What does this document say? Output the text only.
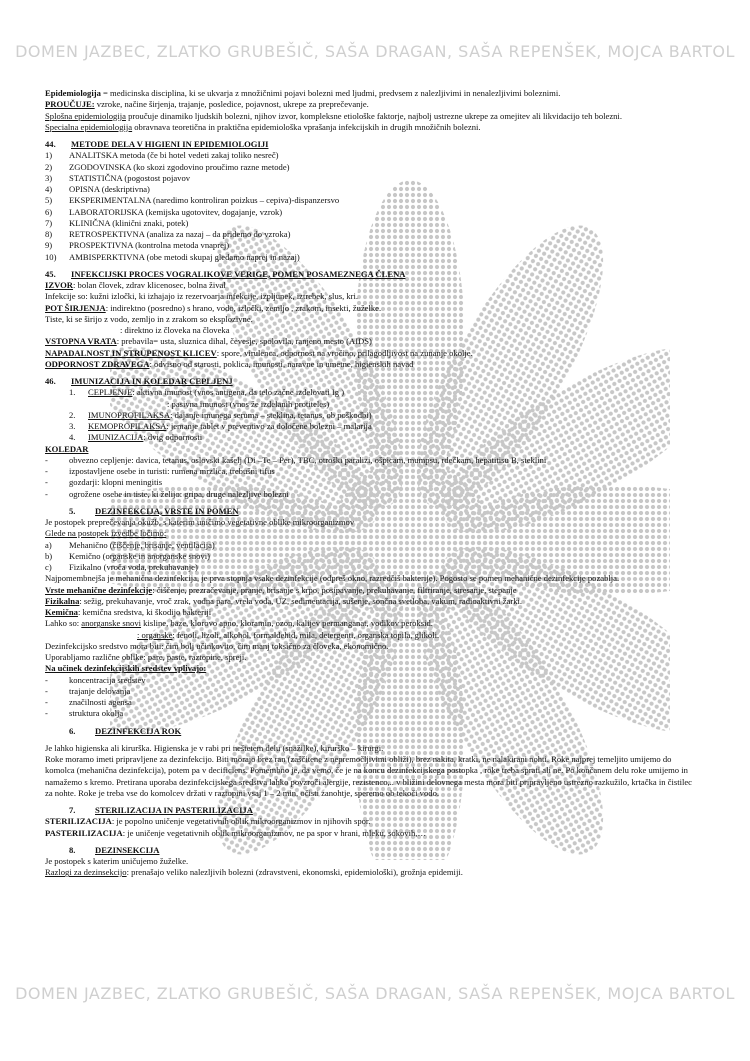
DOMEN JAZBEC, ZLATKO GRUBEŠIČ, SAŠA DRAGAN, SAŠA REPENŠEK, MOJCA BARTOL

Epidemiologija = medicinska disciplina, ki se ukvarja z množičnimi pojavi bolezni med ljudmi, predvsem z nalezljivimi in nenalezljivimi boleznimi.

PROUČUJE: vzroke, načine širjenja, trajanje, posledice, pojavnost, ukrepe za preprečevanje.

Splošna epidemiologija proučuje dinamiko ljudskih bolezni, njihov izvor, kompleksne etiološke faktorje, najbolj ustrezne ukrepe za omejitev ali likvidacijo teh bolezni.

Specialna epidemiologija obravnava teoretična in praktična epidemiološka vprašanja infekcijskih in drugih množičnih bolezni.

44. METODE DELA V HIGIENI IN EPIDEMIOLOGIJI

1)	ANALITSKA metoda (če bi hotel vedeti zakaj toliko nesreč)
2)	ZGODOVINSKA (ko skozi zgodovino proučimo razne metode)
3)	STATISTIČNA (pogostost pojavov
4)	OPISNA (deskriptivna)
5)	EKSPERIMENTALNA (naredimo kontroliran poizkus – cepiva)-dispanzersvo
6)	LABORATORIJSKA (kemijska ugotovitev, dogajanje, vzrok)
7)	KLINIČNA (klinični znaki, potek)
8)	RETROSPEKTIVNA (analiza za nazaj – da pridemo do vzroka)
9)	PROSPEKTIVNA (kontrolna metoda vnaprej)
10)	AMBISPERKTIVNA (obe metodi skupaj gledamo naprej in nazaj)

45. INFEKCIJSKI PROCES VOGRALIKOVE VERIGE, POMEN POSAMEZNEGA ČLENA

IZVOR: bolan človek, zdrav klicenosec, bolna žival

Infekcije so: kužni izločki, ki izhajajo iz rezervoarja infekcije, izpljunek, iztrebek, slus, kri.

POT ŠIRJENJA: indirektno (posredno) s hrano, vodo, izločki, zemljo , zrakom, insekti, žuželke.

Tiste, ki se širijo z vodo, zemljo in z zrakom so eksplozivne.

: direktno iz človeka na človeka

VSTOPNA VRATA: prebavila= usta, sluznica dihal, čevesje, spolovila, ranjeno mesto (AIDS)

NAPADALNOST IN STRUPENOST KLICEV: spore, virulenca, odpornost na vročino, prilagodljivost na zunanje okolje.

ODPORNOST ZDRAVEGA: odvisno od starosti, poklica, imunosti, naravne in umetne, higienskih navad

46. IMUNIZACIJA IN KOLEDAR CEPLJENJ

1.	CEPLJENJE: aktivna imunost (vnos antigena, da telo začne izdelovati Ig )

: pasivna imunost (vnos že izdelanih protiteles)

2.	IMUNOPROFILAKSA: dajanje imunega seruma – steklina, tetanus, ob poškodbi)
3.	KEMOPROFILAKSA: jemanje tablet v preventivo za določene bolezni – malarija
4.	IMUNIZACIJA: dvig odpornosti

KOLEDAR

-	obvezno cepljenje: davica, tetanus, oslovski kašelj (Di –Te – Per), TBC, otroški paralizi, ošpicam, mumpsu, rdečkam, hepatitisu B, steklini
-	izpostavljene osebe in turisti: rumena mrzlica, trebušni tifus
-	gozdarji: klopni meningitis
-	ogrožene osebe in tiste, ki želijo: gripa, druge nalezljive bolezni

5. DEZINFEKCIJA, VRSTE IN POMEN

Je postopek preprečevanja okužb, s katerim uničimo vegetativne oblike mikroorganizmov

Glede na postopek izvedbe ločimo:

a)	Mehanično (čiščenje, brisanje, ventilacija)
b)	Kemično (organske in anorganske snovi)
c)	Fizikalno (vroča voda, prekuhavanje)

Najpomembnejša je mehanična dezinfekcija, je prva stopnja vsake dezinfekcije (odpreš okno, razredčiš bakterije). Pogosto se pomen mehanične dezinfekcije pozablja.

Vrste mehanične dezinfekcije: čiščenje, prezračevanje, pranje, brisanje s krpo, posipavanje, prekuhavanje, filtriranje, stresanje, stepanje

Fizikalna: sežig, prekuhavanje, vroč zrak, vodna para, vrela voda, UZ, sedimentacija, sušenje, sončna svetloba, vakum, radioaktivni žarki.

Kemična: kemična sredstva, ki škodijo bakteriji

Lahko so: anorganske snovi kisline, baze, klorovo apno, kloramin, ozon, kalijev permanganat, vodikov peroksid.

: organske: fenoli, lizoli, alkohol, formaldehid, mila, detergenti, organska topila, glikoli.

Dezinfekcijsko sredstvo mora biti: čim bolj učinkovito, čim manj toksično za človeka, ekonomično.

Uporabljamo različne oblike: pare, paste, raztopine, spreji.

Na učinek dezinfekcijskih sredstev vplivajo:

-	koncentracija sredstev
-	trajanje delovanja
-	značilnosti agensa
-	struktura okolja

6. DEZINFEKCIJA ROK

Je lahko higienska ali kirurška. Higienska je v rabi pri neštetem delu (snažilke), kirurško – kirurgi.

Roke moramo imeti pripravljene za dezinfekcijo. Biti morajo brez ran (zaščitene z nepremočljivimi obliži), brez nakita, kratki, ne nalakirani nohti. Roke najprej temeljito umijemo do komolca (mehanična dezinfekcija), potem pa v decificiens. Pomembno je, da vemo, če je na koncu dezinfekcijskega postopka , roke treba sprati ali ne. Po končanem delu roke umijemo in namažemo s kremo. Pretirana uporaba dezinfekcijskega sredstva lahko povzroči alergije, rezistenco,.. v bližini delovnega mesta mora biti pripravljeno ustrezno razkužilo, krtačka in čistilec za nohte. Roke je treba vse do komolcev držati v raztopini vsaj 1 – 2 min, očisti zanohtje, speremo ob tekoči vodo.

7. STERILIZACIJA IN PASTERILIZACIJA

STERILIZACIJA: je popolno uničenje vegetativnih oblik mikroorganizmov in njihovih spor.

PASTERILIZACIJA: je uničenje vegetativnih oblik mikroorganizmov, ne pa spor v hrani, mleku, sokovih,…

8. DEZINSEKCIJA

Je postopek s katerim uničujemo žuželke.

Razlogi za dezinsekcijo: prenašajo veliko nalezljivih bolezni (zdravstveni, ekonomski, epidemiološki), grožnja epidemiji.

DOMEN JAZBEC, ZLATKO GRUBEŠIČ, SAŠA DRAGAN, SAŠA REPENŠEK, MOJCA BARTOL
